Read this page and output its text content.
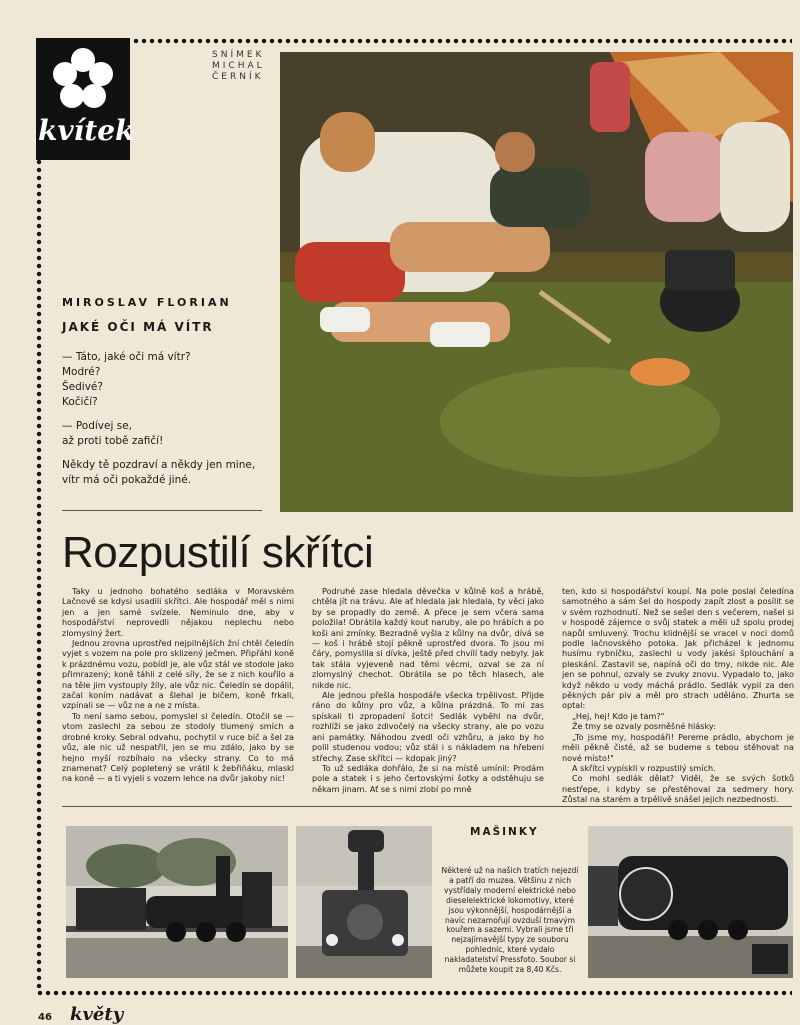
kvítek
SNÍMEK
MICHAL
ČERNÍK
MIROSLAV FLORIAN
JAKÉ OČI MÁ VÍTR
— Táto, jaké oči má vítr?
Modré?
Šedivé?
Kočičí?
— Podívej se,
až proti tobě zafičí!
Někdy tě pozdraví a někdy jen mine,
vítr má oči pokaždé jiné.
Rozpustilí skřítci

Taky u jednoho bohatého sedláka v Moravském Lačnově se kdysi usadili skřítci. Ale hospodář měl s nimi jen a jen samé svízele. Neminulo dne, aby v hospodářství neprovedli nějakou neplechu nebo zlomyslný žert.

Jednou zrovna uprostřed nejpilnějších žní chtěl čeledín vyjet s vozem na pole pro sklizený ječmen. Připřáhl koně k prázdnému vozu, pobídl je, ale vůz stál ve stodole jako přimrazený; koně táhli z celé síly, že se z nich kouřilo a na těle jim vystouply žíly, ale vůz nic. Čeledín se dopálil, začal koním nadávat a šlehal je bičem, koně frkali, vzpínali se — vůz ne a ne z místa.

To není samo sebou, pomyslel si čeledín. Otočil se — vtom zaslechl za sebou ze stodoly tlumený smích a drobné kroky. Sebral odvahu, pochytil v ruce bič a šel za vůz, ale nic už nespatřil, jen se mu zdálo, jako by se hejno myší rozbíhalo na všecky strany. Co to má znamenat? Celý popletený se vrátil k žebřiňáku, mlaskl na koně — a ti vyjeli s vozem lehce na dvůr jakoby nic!

Podruhé zase hledala děvečka v kůlně koš a hrábě, chtěla jít na trávu. Ale ať hledala jak hledala, ty věci jako by se propadly do země. A přece je sem včera sama položila! Obrátila každý kout naruby, ale po hrábích a po koši ani zmínky. Bezradně vyšla z kůlny na dvůr, dívá se — koš i hrábě stojí pěkně uprostřed dvora. To jsou mi čáry, pomyslila si dívka, ještě před chvílí tady nebyly. Jak tak stála vyjeveně nad těmi věcmi, ozval se za ní zlomyslný chechot. Obrátila se po těch hlasech, ale nikde nic.

Ale jednou přešla hospodáře všecka trpělivost. Přijde ráno do kůlny pro vůz, a kůlna prázdná. To mi zas spískali ti zpropadení šotci! Sedlák vyběhl na dvůr, rozhlíží se jako zdivočelý na všecky strany, ale po vozu ani památky. Náhodou zvedl oči vzhůru, a jako by ho polil studenou vodou; vůz stál i s nákladem na hřebeni střechy. Zase skřítci — kdopak jiný?

To už sedláka dohřálo, že si na místě umínil: Prodám pole a statek i s jeho čertovskými šotky a odstěhuju se někam jinam. Ať se s nimi zlobí po mně

ten, kdo si hospodářství koupí. Na pole poslal čeledína samotného a sám šel do hospody zapít zlost a posílit se v svém rozhodnutí. Než se sešel den s večerem, našel si v hospodě zájemce o svůj statek a měli už spolu prodej napůl smluvený. Trochu klidnější se vracel v noci domů podle lačnovského potoka. Jak přicházel k jednomu husímu rybníčku, zaslechl u vody jakési šplouchání a pleskání. Zastavil se, napíná oči do tmy, nikde nic. Ale jen se pohnul, ozvaly se zvuky znovu. Vypadalo to, jako když někdo u vody máchá prádlo. Sedlák vypil za den pěkných pár piv a měl pro strach uděláno. Zhurta se optal:

„Hej, hej! Kdo je tam?"

Že tmy se ozvaly posměšné hlásky:

„To jsme my, hospodáři! Pereme prádlo, abychom je měli pěkně čisté, až se budeme s tebou stěhovat na nové místo!"

A skřítci vypískli v rozpustilý smích.

Co mohl sedlák dělat? Viděl, že se svých šotků nestřepe, i kdyby se přestěhoval za sedmery hory. Zůstal na starém a trpělivě snášel jejich nezbednosti.

MAŠINKY
Některé už na našich tratích nejezdí a patří do muzea. Většinu z nich vystřídaly moderní elektrické nebo dieselelektrické lokomotivy, které jsou výkonnější, hospodárnější a navíc nezamořují ovzduší tmavým kouřem a sazemi. Vybrali jsme tři nejzajímavější typy ze souboru pohlednic, které vydalo nakladatelství Pressfoto. Soubor si můžete koupit za 8,40 Kčs.
46 květy
